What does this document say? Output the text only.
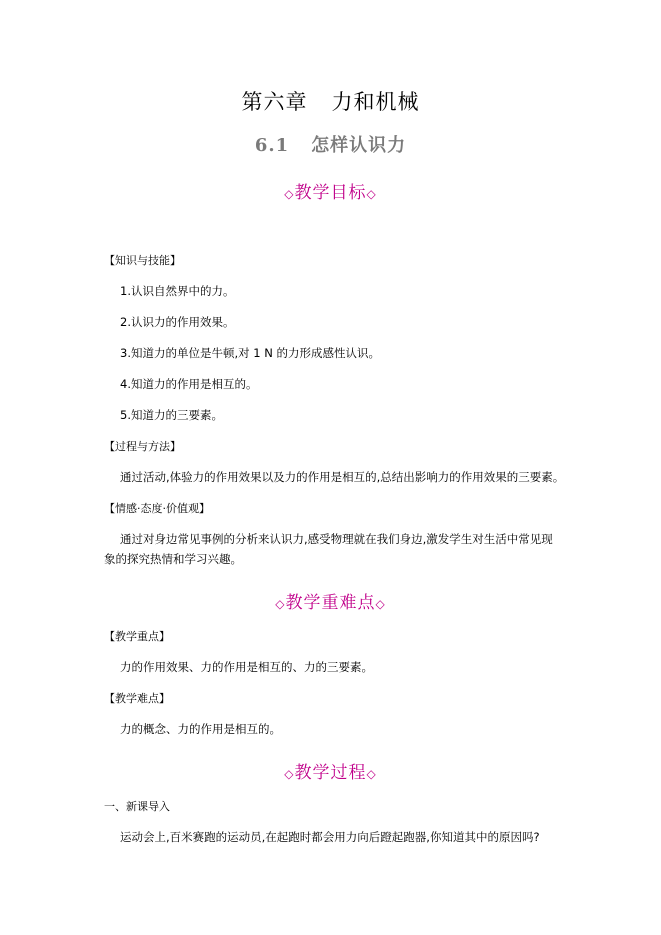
第六章 力和机械
6.1 怎样认识力
◇教学目标◇
【知识与技能】
1.认识自然界中的力。
2.认识力的作用效果。
3.知道力的单位是牛顿,对 1 N 的力形成感性认识。
4.知道力的作用是相互的。
5.知道力的三要素。
【过程与方法】
通过活动,体验力的作用效果以及力的作用是相互的,总结出影响力的作用效果的三要素。
【情感·态度·价值观】
通过对身边常见事例的分析来认识力,感受物理就在我们身边,激发学生对生活中常见现
象的探究热情和学习兴趣。
◇教学重难点◇
【教学重点】
力的作用效果、力的作用是相互的、力的三要素。
【教学难点】
力的概念、力的作用是相互的。
◇教学过程◇
一、新课导入
运动会上,百米赛跑的运动员,在起跑时都会用力向后蹬起跑器,你知道其中的原因吗?
